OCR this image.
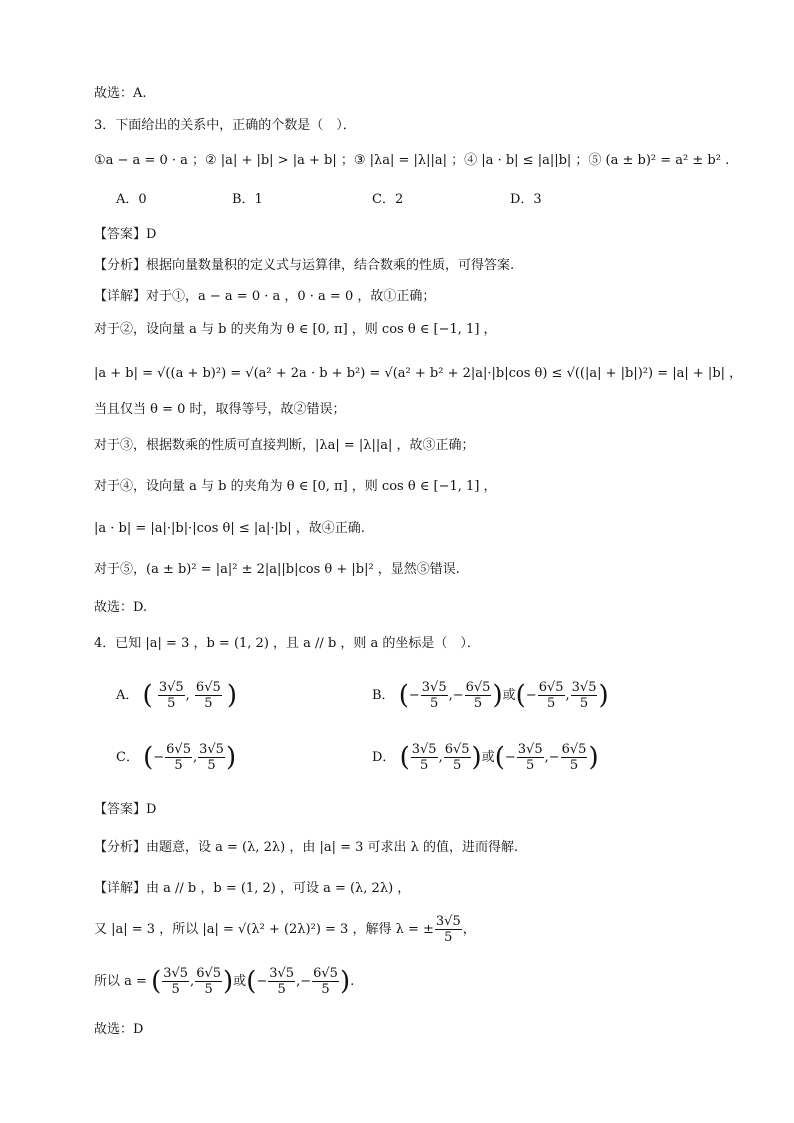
故选：A.
3．下面给出的关系中，正确的个数是（　）．
①a − a = 0 · a ；② |a| + |b| > |a + b| ；③ |λa| = |λ||a| ；④ |a · b| ≤ |a||b| ；⑤ (a ± b)² = a² ± b² .
A．0	B．1	C．2	D．3
【答案】D
【分析】根据向量数量积的定义式与运算律，结合数乘的性质，可得答案.
【详解】对于①，a − a = 0 · a ，0 · a = 0 ，故①正确；
对于②，设向量 a 与 b 的夹角为 θ ∈ [0, π] ，则 cos θ ∈ [−1, 1] ，
|a + b| = √((a + b)²) = √(a² + 2a · b + b²) = √(a² + b² + 2|a|·|b|cos θ) ≤ √((|a| + |b|)²) = |a| + |b| ，
当且仅当 θ = 0 时，取得等号，故②错误；
对于③，根据数乘的性质可直接判断，|λa| = |λ||a| ，故③正确；
对于④，设向量 a 与 b 的夹角为 θ ∈ [0, π] ，则 cos θ ∈ [−1, 1] ，
|a · b| = |a|·|b|·|cos θ| ≤ |a|·|b| ，故④正确.
对于⑤，(a ± b)² = |a|² ± 2|a||b|cos θ + |b|² ，显然⑤错误.
故选：D.
4．已知 |a| = 3 ，b = (1, 2) ，且 a // b ，则 a 的坐标是（　）．
A． ( $\frac{3√5}{5}$ , $\frac{6√5}{5}$ )	B． (− $\frac{3√5}{5}$ ,− $\frac{6√5}{5}$ )或(− $\frac{6√5}{5}$ , $\frac{3√5}{5}$ )
C． (− $\frac{6√5}{5}$ , $\frac{3√5}{5}$ )	D． ( $\frac{3√5}{5}$ , $\frac{6√5}{5}$ )或(− $\frac{3√5}{5}$ ,− $\frac{6√5}{5}$ )
【答案】D
【分析】由题意，设 a = (λ, 2λ) ，由 |a| = 3 可求出 λ 的值，进而得解.
【详解】由 a // b ，b = (1, 2) ，可设 a = (λ, 2λ) ，
又 |a| = 3 ，所以 |a| = √(λ² + (2λ)²) = 3 ，解得 λ = ± $\frac{3√5}{5}$ ，
所以 a = ( $\frac{3√5}{5}$ , $\frac{6√5}{5}$ )或(− $\frac{3√5}{5}$ ,− $\frac{6√5}{5}$ ).
故选：D
